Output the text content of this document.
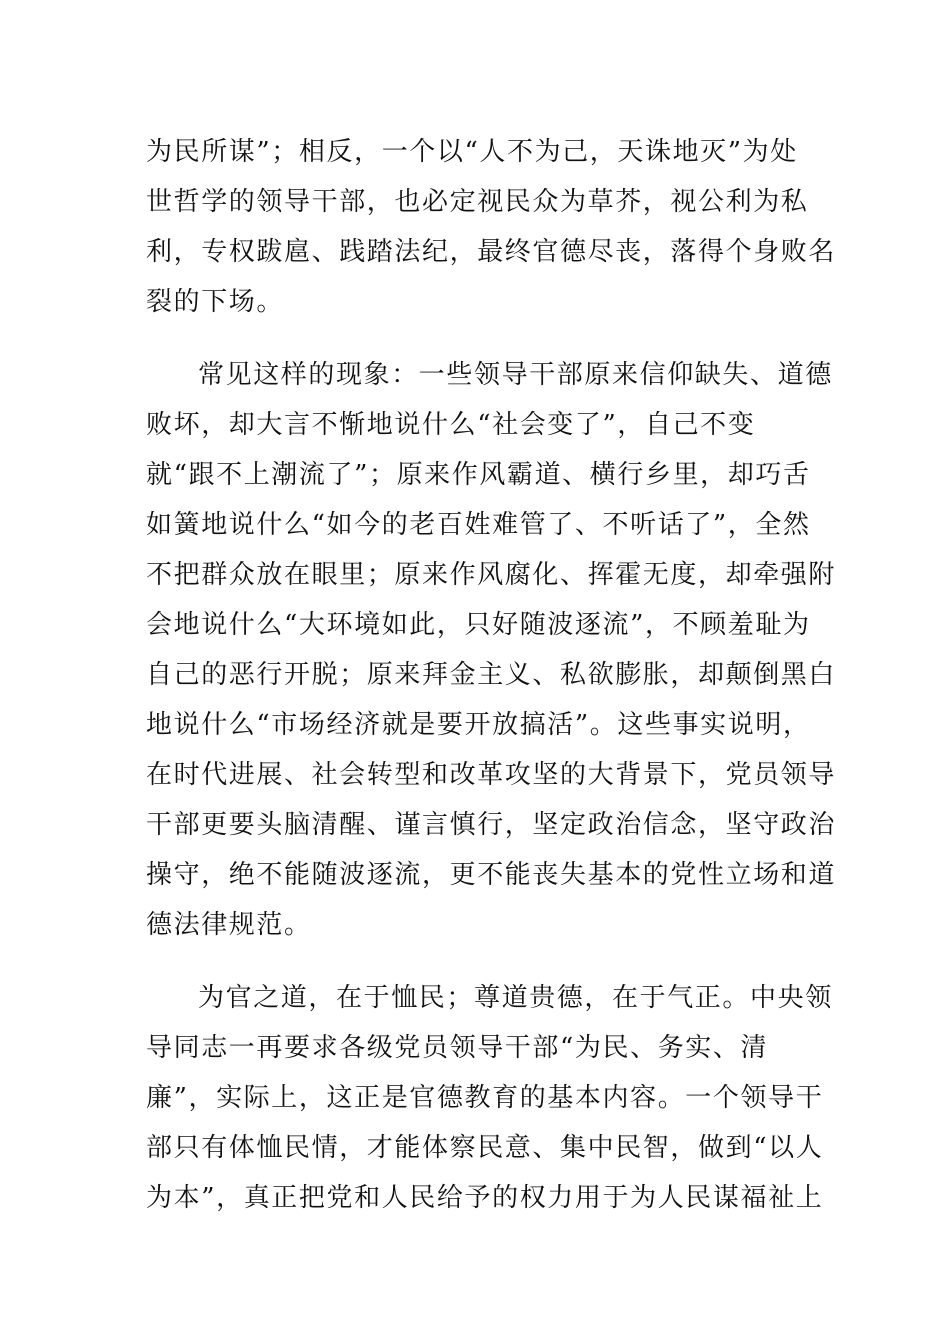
为民所谋”；相反，一个以“人不为己，天诛地灭”为处
世哲学的领导干部，也必定视民众为草芥，视公利为私
利，专权跋扈、践踏法纪，最终官德尽丧，落得个身败名
裂的下场。
常见这样的现象：一些领导干部原来信仰缺失、道德
败坏，却大言不惭地说什么“社会变了”，自己不变
就“跟不上潮流了”；原来作风霸道、横行乡里，却巧舌
如簧地说什么“如今的老百姓难管了、不听话了”，全然
不把群众放在眼里；原来作风腐化、挥霍无度，却牵强附
会地说什么“大环境如此，只好随波逐流”，不顾羞耻为
自己的恶行开脱；原来拜金主义、私欲膨胀，却颠倒黑白
地说什么“市场经济就是要开放搞活”。这些事实说明，
在时代进展、社会转型和改革攻坚的大背景下，党员领导
干部更要头脑清醒、谨言慎行，坚定政治信念，坚守政治
操守，绝不能随波逐流，更不能丧失基本的党性立场和道
德法律规范。
为官之道，在于恤民；尊道贵德，在于气正。中央领
导同志一再要求各级党员领导干部“为民、务实、清
廉”，实际上，这正是官德教育的基本内容。一个领导干
部只有体恤民情，才能体察民意、集中民智，做到“以人
为本”，真正把党和人民给予的权力用于为人民谋福祉上
